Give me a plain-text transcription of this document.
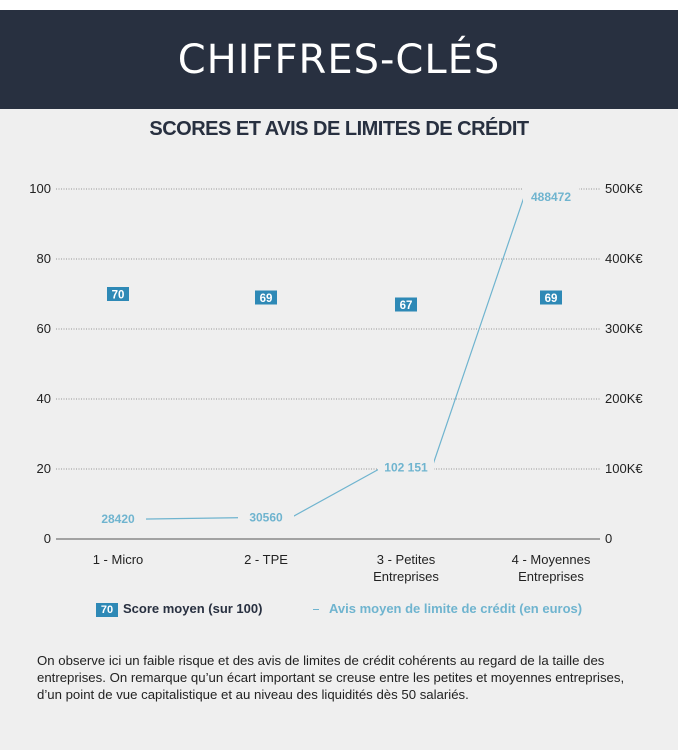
CHIFFRES-CLÉS
SCORES ET AVIS DE LIMITES DE CRÉDIT
0
20
40
60
80
100
0
100K€
200K€
300K€
400K€
500K€
1 - Micro	2 - TPE	3 - Petites
Entreprises
4 - Moyennes
Entreprises
28420	30560
102 151
488472
70	69
67
69
70 Score moyen (sur 100)	Avis moyen de limite de crédit (en euros)
On observe ici un faible risque et des avis de limites de crédit cohérents au regard de la taille des entreprises. On remarque qu’un écart important se creuse entre les petites et moyennes entreprises, d’un point de vue capitalistique et au niveau des liquidités dès 50 salariés.
